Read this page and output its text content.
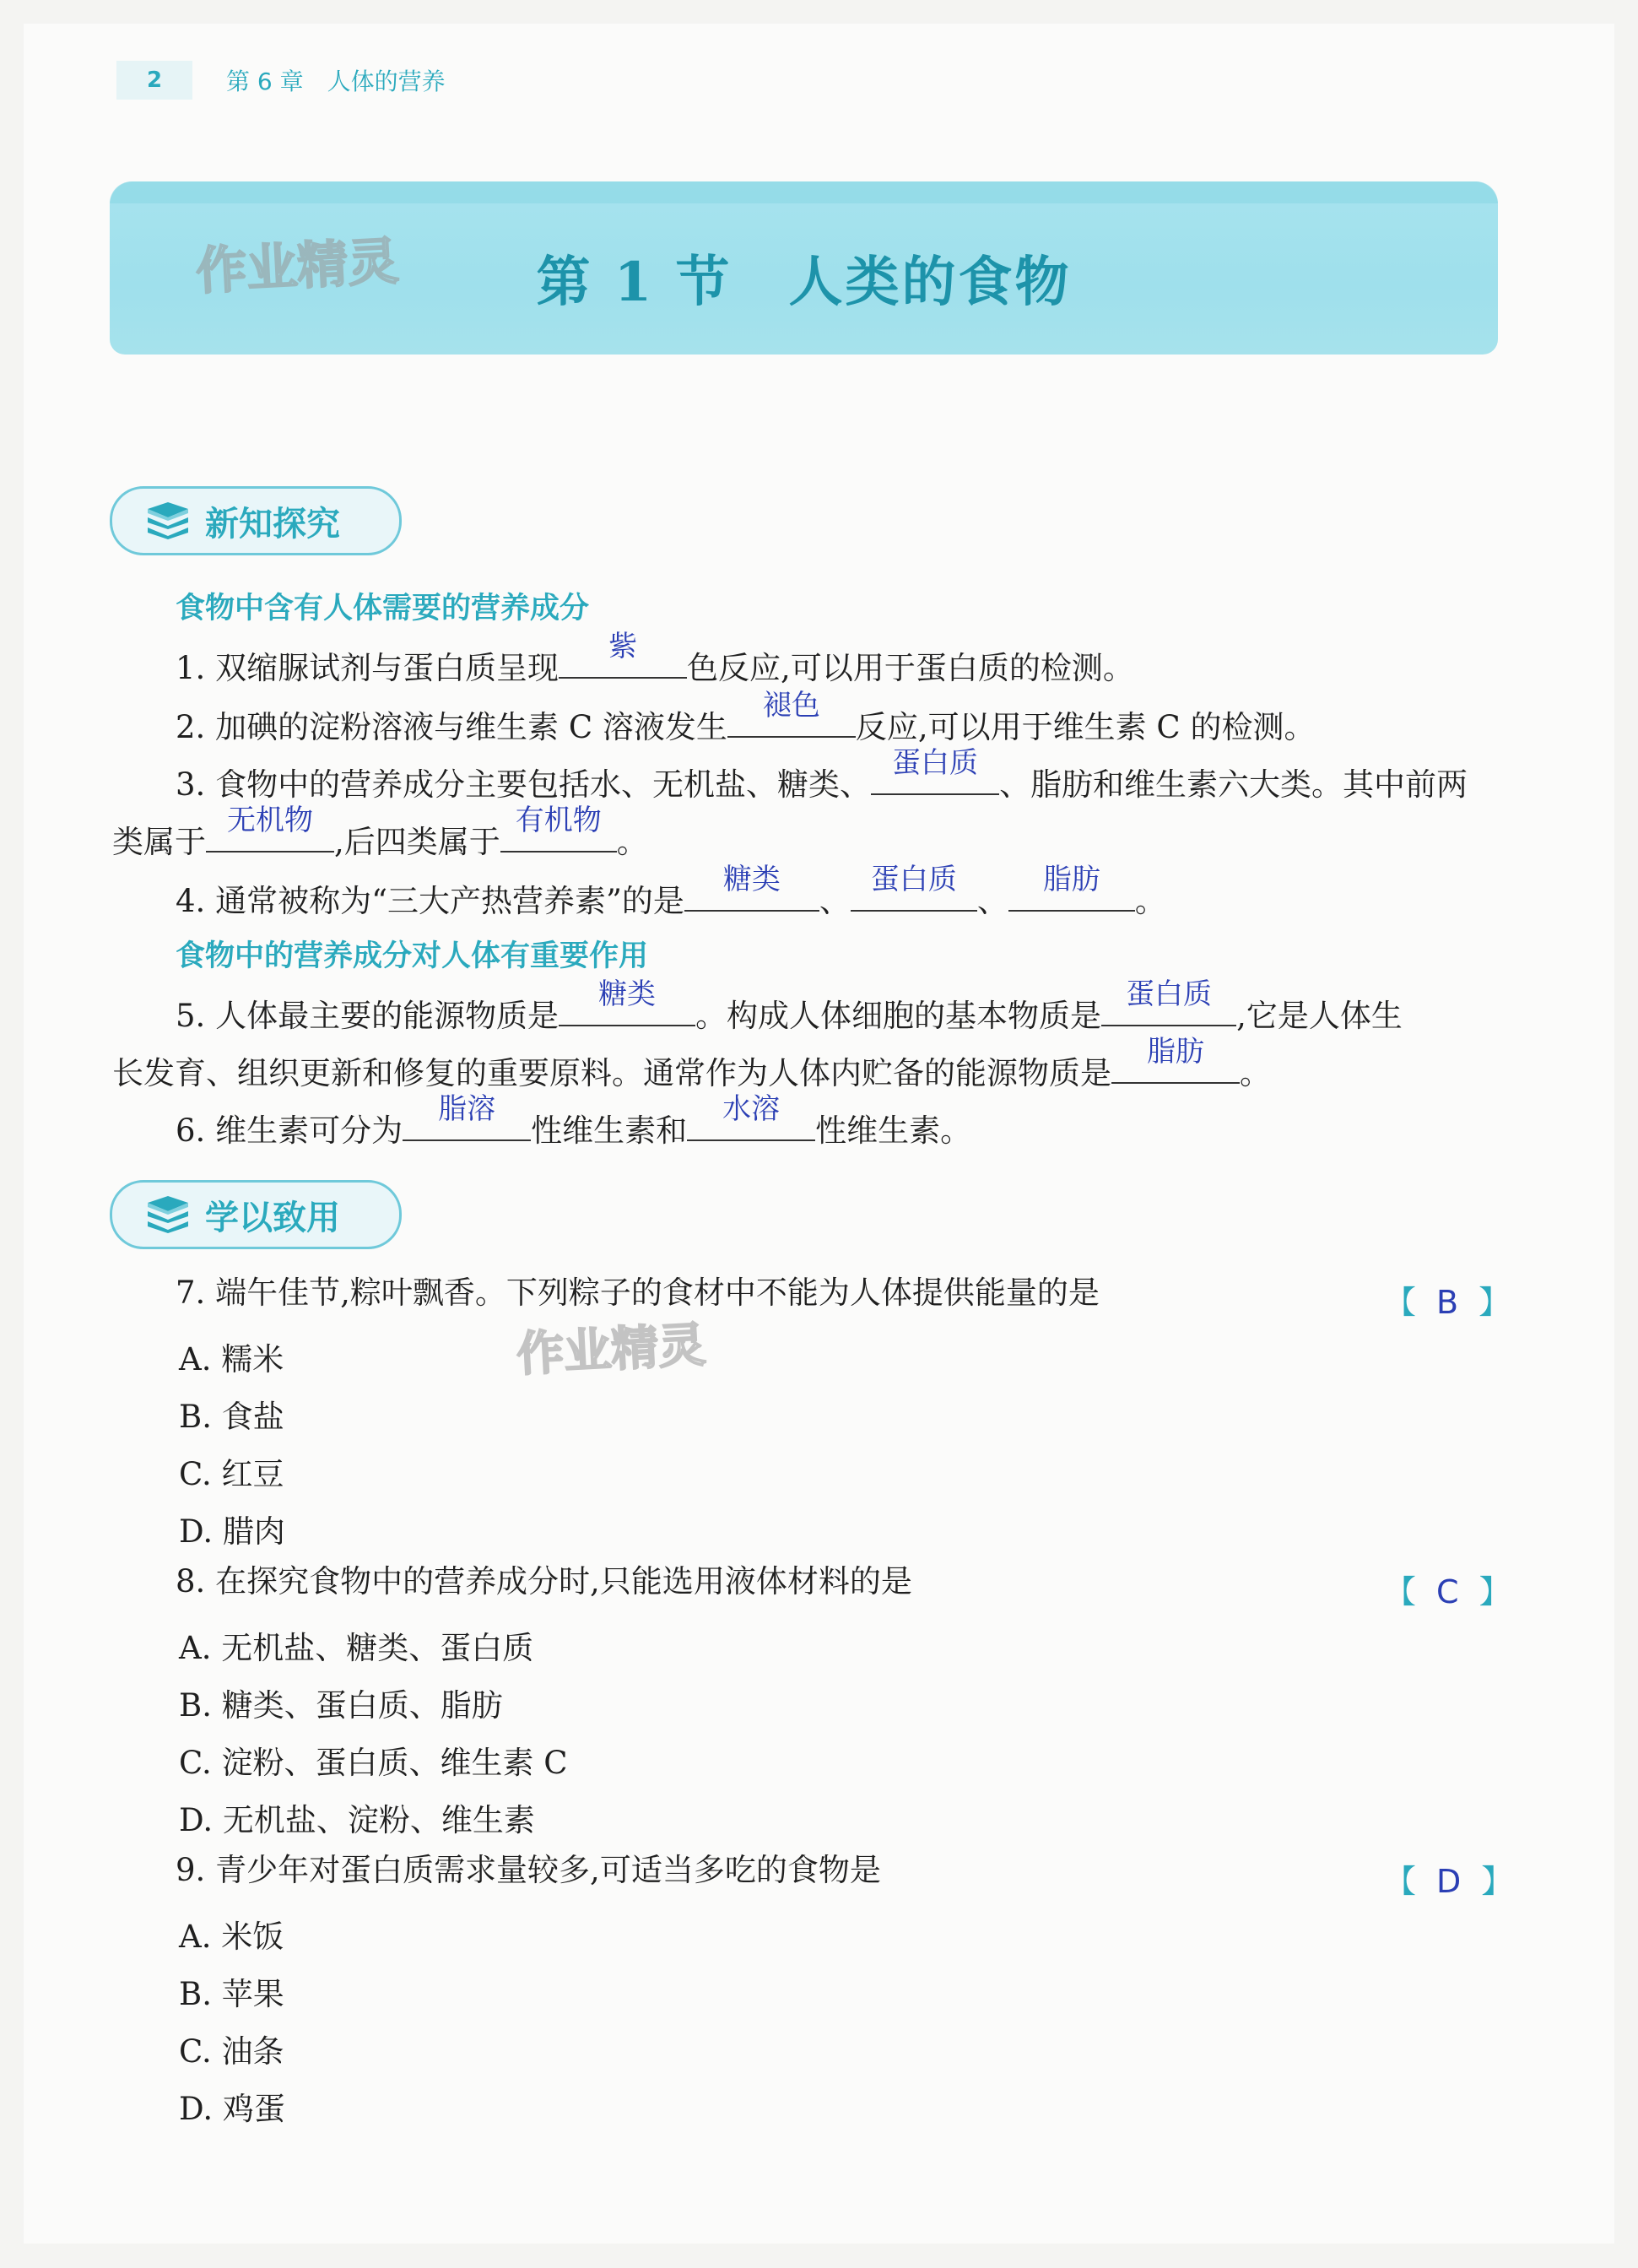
2	第 6 章 人体的营养
第 1 节　人类的食物
作业精灵
新知探究
食物中含有人体需要的营养成分
1. 双缩脲试剂与蛋白质呈现
紫
色反应,可以用于蛋白质的检测。
2. 加碘的淀粉溶液与维生素 C 溶液发生
褪色
反应,可以用于维生素 C 的检测。
3. 食物中的营养成分主要包括水、无机盐、糖类、
蛋白质
、脂肪和维生素六大类。其中前两
类属于
无机物
,后四类属于
有机物
。
4. 通常被称为“三大产热营养素”的是
糖类
、
蛋白质
、
脂肪
。
食物中的营养成分对人体有重要作用
5. 人体最主要的能源物质是
糖类
。构成人体细胞的基本物质是
蛋白质
,它是人体生
长发育、组织更新和修复的重要原料。通常作为人体内贮备的能源物质是
脂肪
。
6. 维生素可分为
脂溶
性维生素和
水溶
性维生素。
学以致用
7. 端午佳节,粽叶飘香。下列粽子的食材中不能为人体提供能量的是	【 B 】
作业精灵
A. 糯米
B. 食盐
C. 红豆
D. 腊肉
8. 在探究食物中的营养成分时,只能选用液体材料的是	【 C 】
A. 无机盐、糖类、蛋白质
B. 糖类、蛋白质、脂肪
C. 淀粉、蛋白质、维生素 C
D. 无机盐、淀粉、维生素
9. 青少年对蛋白质需求量较多,可适当多吃的食物是	【 D 】
A. 米饭
B. 苹果
C. 油条
D. 鸡蛋
